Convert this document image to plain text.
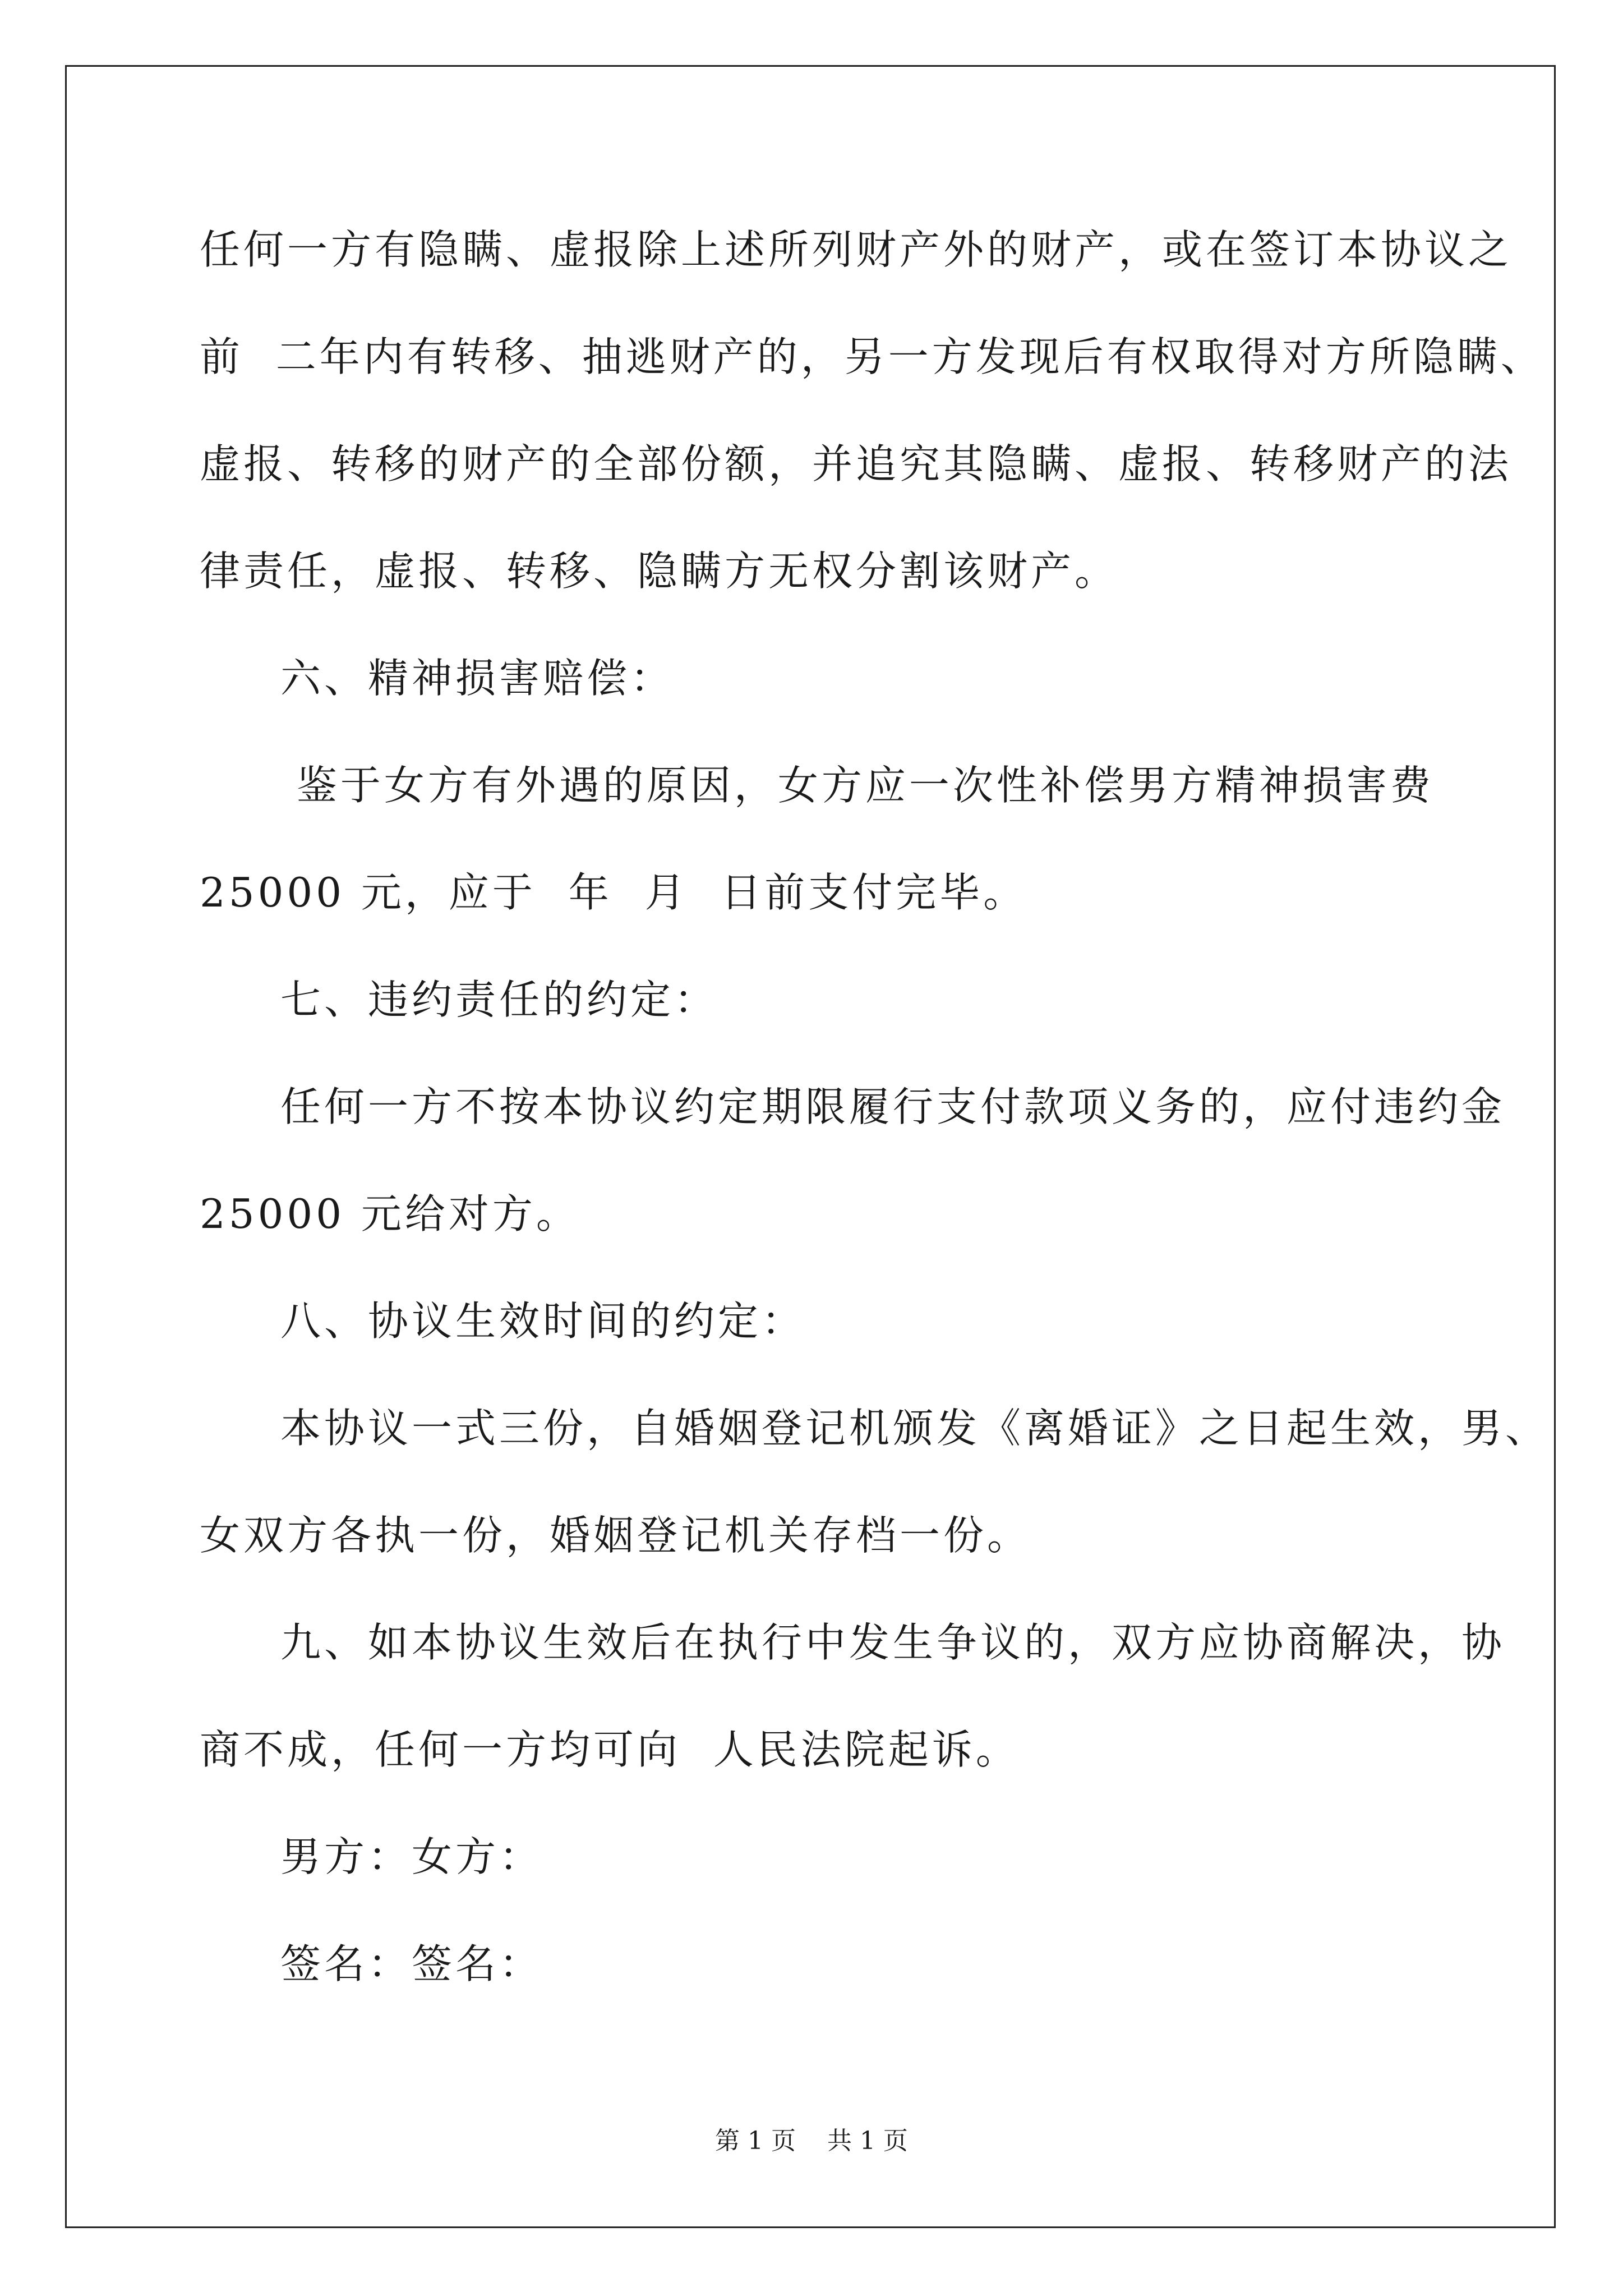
任何一方有隐瞒、虚报除上述所列财产外的财产，或在签订本协议之
前  二年内有转移、抽逃财产的，另一方发现后有权取得对方所隐瞒、
虚报、转移的财产的全部份额，并追究其隐瞒、虚报、转移财产的法
律责任，虚报、转移、隐瞒方无权分割该财产。
六、精神损害赔偿：
鉴于女方有外遇的原因，女方应一次性补偿男方精神损害费
25000 元，应于  年  月  日前支付完毕。
七、违约责任的约定：
任何一方不按本协议约定期限履行支付款项义务的，应付违约金
25000 元给对方。
八、协议生效时间的约定：
本协议一式三份，自婚姻登记机颁发《离婚证》之日起生效，男、
女双方各执一份，婚姻登记机关存档一份。
九、如本协议生效后在执行中发生争议的，双方应协商解决，协
商不成，任何一方均可向  人民法院起诉。
男方：女方：
签名：签名：
第 1 页    共 1 页
